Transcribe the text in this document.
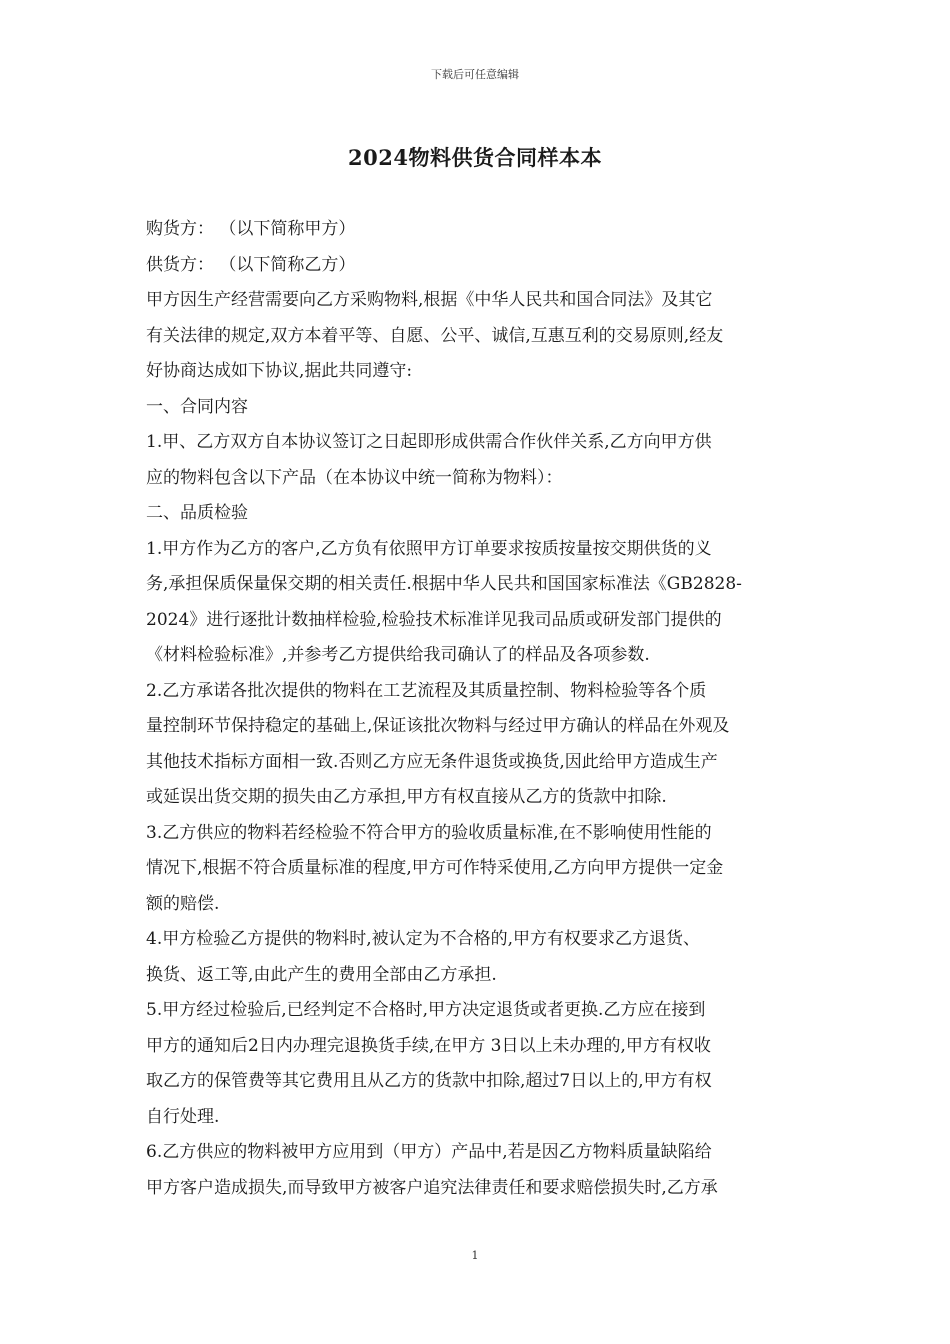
下载后可任意编辑
2024物料供货合同样本本
购货方： （以下简称甲方）
供货方： （以下简称乙方）
甲方因生产经营需要向乙方采购物料,根据《中华人民共和国合同法》及其它
有关法律的规定,双方本着平等、自愿、公平、诚信,互惠互利的交易原则,经友
好协商达成如下协议,据此共同遵守:
一、合同内容
1.甲、乙方双方自本协议签订之日起即形成供需合作伙伴关系,乙方向甲方供
应的物料包含以下产品（在本协议中统一简称为物料）：
二、品质检验
1.甲方作为乙方的客户,乙方负有依照甲方订单要求按质按量按交期供货的义
务,承担保质保量保交期的相关责任.根据中华人民共和国国家标准法《GB2828-
2024》进行逐批计数抽样检验,检验技术标准详见我司品质或研发部门提供的
《材料检验标准》,并参考乙方提供给我司确认了的样品及各项参数.
2.乙方承诺各批次提供的物料在工艺流程及其质量控制、物料检验等各个质
量控制环节保持稳定的基础上,保证该批次物料与经过甲方确认的样品在外观及
其他技术指标方面相一致.否则乙方应无条件退货或换货,因此给甲方造成生产
或延误出货交期的损失由乙方承担,甲方有权直接从乙方的货款中扣除.
3.乙方供应的物料若经检验不符合甲方的验收质量标准,在不影响使用性能的
情况下,根据不符合质量标准的程度,甲方可作特采使用,乙方向甲方提供一定金
额的赔偿.
4.甲方检验乙方提供的物料时,被认定为不合格的,甲方有权要求乙方退货、
换货、返工等,由此产生的费用全部由乙方承担.
5.甲方经过检验后,已经判定不合格时,甲方决定退货或者更换.乙方应在接到
甲方的通知后2日内办理完退换货手续,在甲方 3日以上未办理的,甲方有权收
取乙方的保管费等其它费用且从乙方的货款中扣除,超过7日以上的,甲方有权
自行处理.
6.乙方供应的物料被甲方应用到（甲方）产品中,若是因乙方物料质量缺陷给
甲方客户造成损失,而导致甲方被客户追究法律责任和要求赔偿损失时,乙方承
1
